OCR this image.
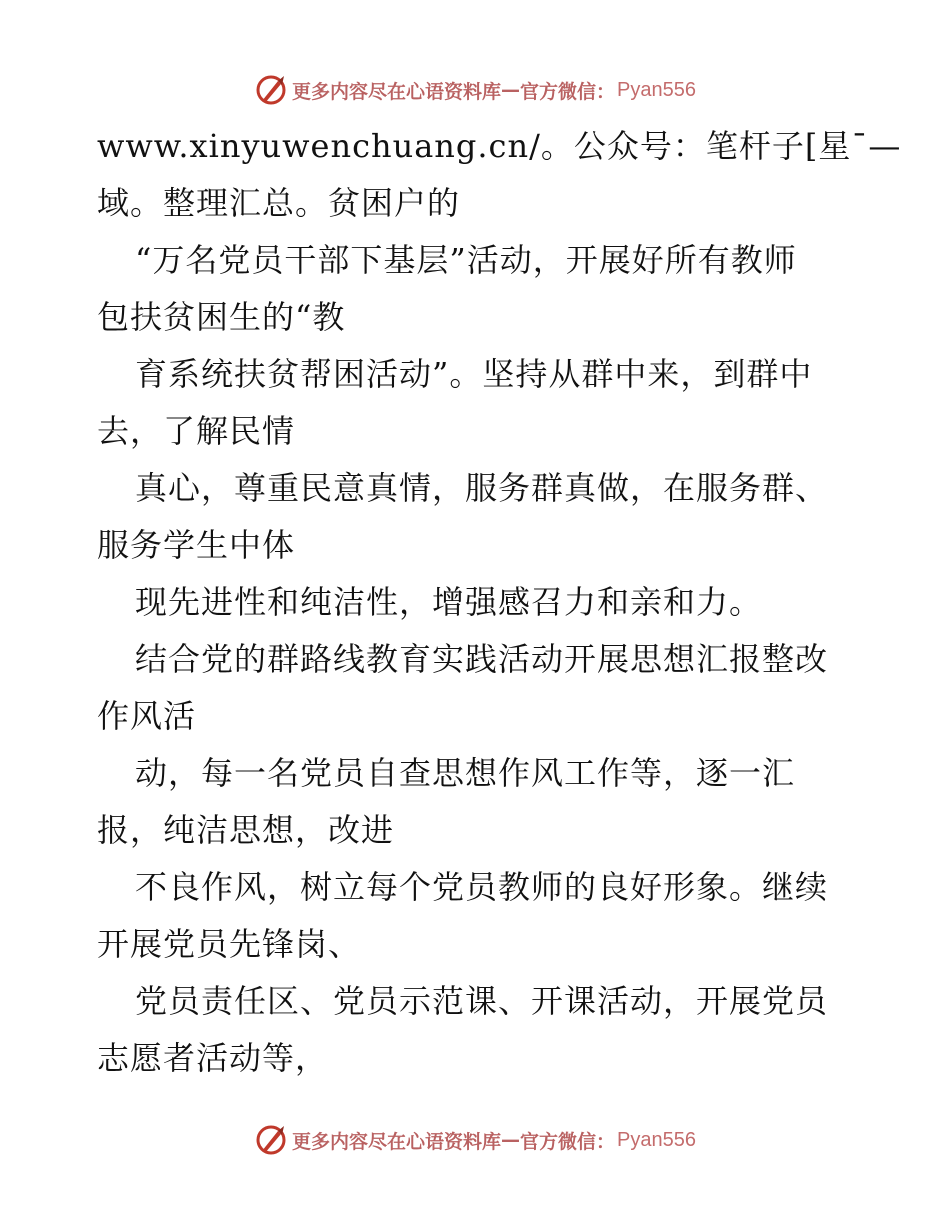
更多内容尽在心语资料库 — 官方微信： Pyan556
www.xinyuwenchuang.cn/。公众号：笔杆子[星¯—
域。整理汇总。贫困户的
“万名党员干部下基层”活动，开展好所有教师
包扶贫困生的“教
育系统扶贫帮困活动”。坚持从群中来，到群中
去，了解民情
真心，尊重民意真情，服务群真做，在服务群、
服务学生中体
现先进性和纯洁性，增强感召力和亲和力。
结合党的群路线教育实践活动开展思想汇报整改
作风活
动，每一名党员自查思想作风工作等，逐一汇
报，纯洁思想，改进
不良作风，树立每个党员教师的良好形象。继续
开展党员先锋岗、
党员责任区、党员示范课、开课活动，开展党员
志愿者活动等，
更多内容尽在心语资料库 — 官方微信： Pyan556
